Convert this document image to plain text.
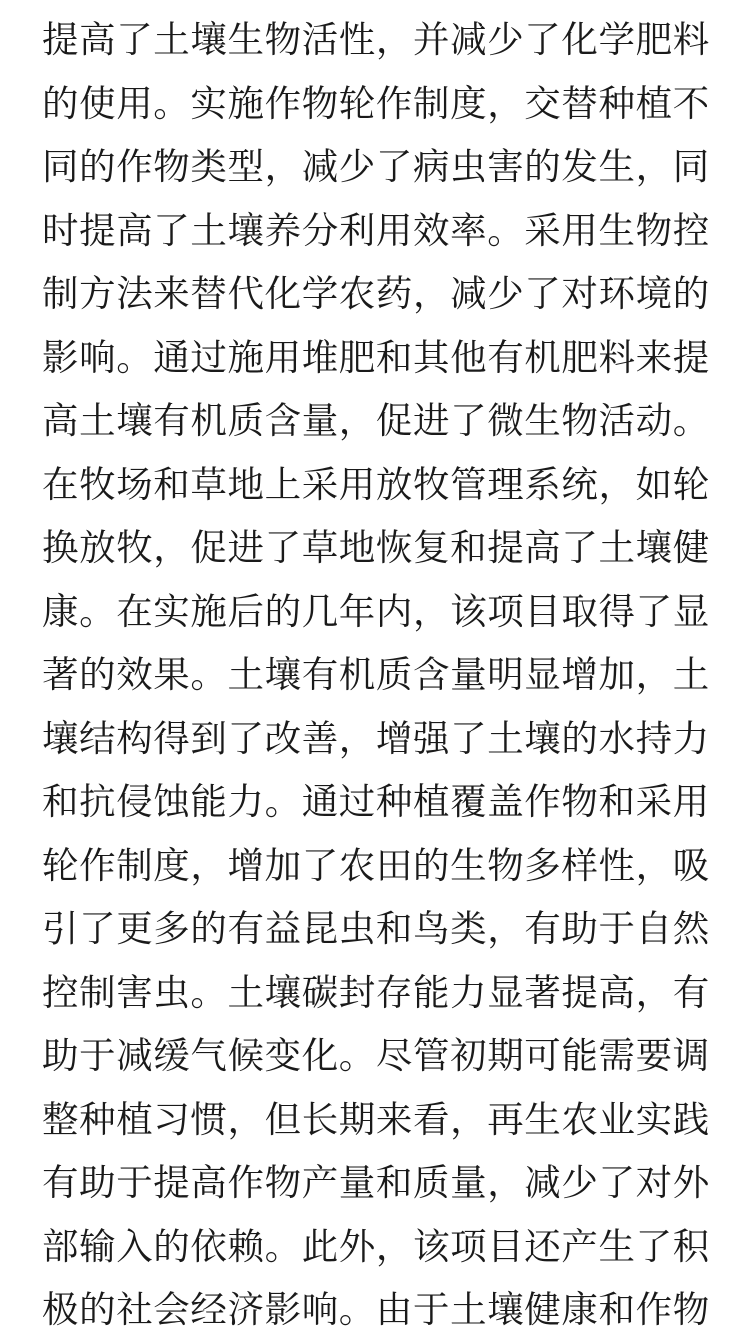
提高了土壤生物活性，并减少了化学肥料
的使用。实施作物轮作制度，交替种植不
同的作物类型，减少了病虫害的发生，同
时提高了土壤养分利用效率。采用生物控
制方法来替代化学农药，减少了对环境的
影响。通过施用堆肥和其他有机肥料来提
高土壤有机质含量，促进了微生物活动。
在牧场和草地上采用放牧管理系统，如轮
换放牧，促进了草地恢复和提高了土壤健
康。在实施后的几年内，该项目取得了显
著的效果。土壤有机质含量明显增加，土
壤结构得到了改善，增强了土壤的水持力
和抗侵蚀能力。通过种植覆盖作物和采用
轮作制度，增加了农田的生物多样性，吸
引了更多的有益昆虫和鸟类，有助于自然
控制害虫。土壤碳封存能力显著提高，有
助于减缓气候变化。尽管初期可能需要调
整种植习惯，但长期来看，再生农业实践
有助于提高作物产量和质量，减少了对外
部输入的依赖。此外，该项目还产生了积
极的社会经济影响。由于土壤健康和作物
